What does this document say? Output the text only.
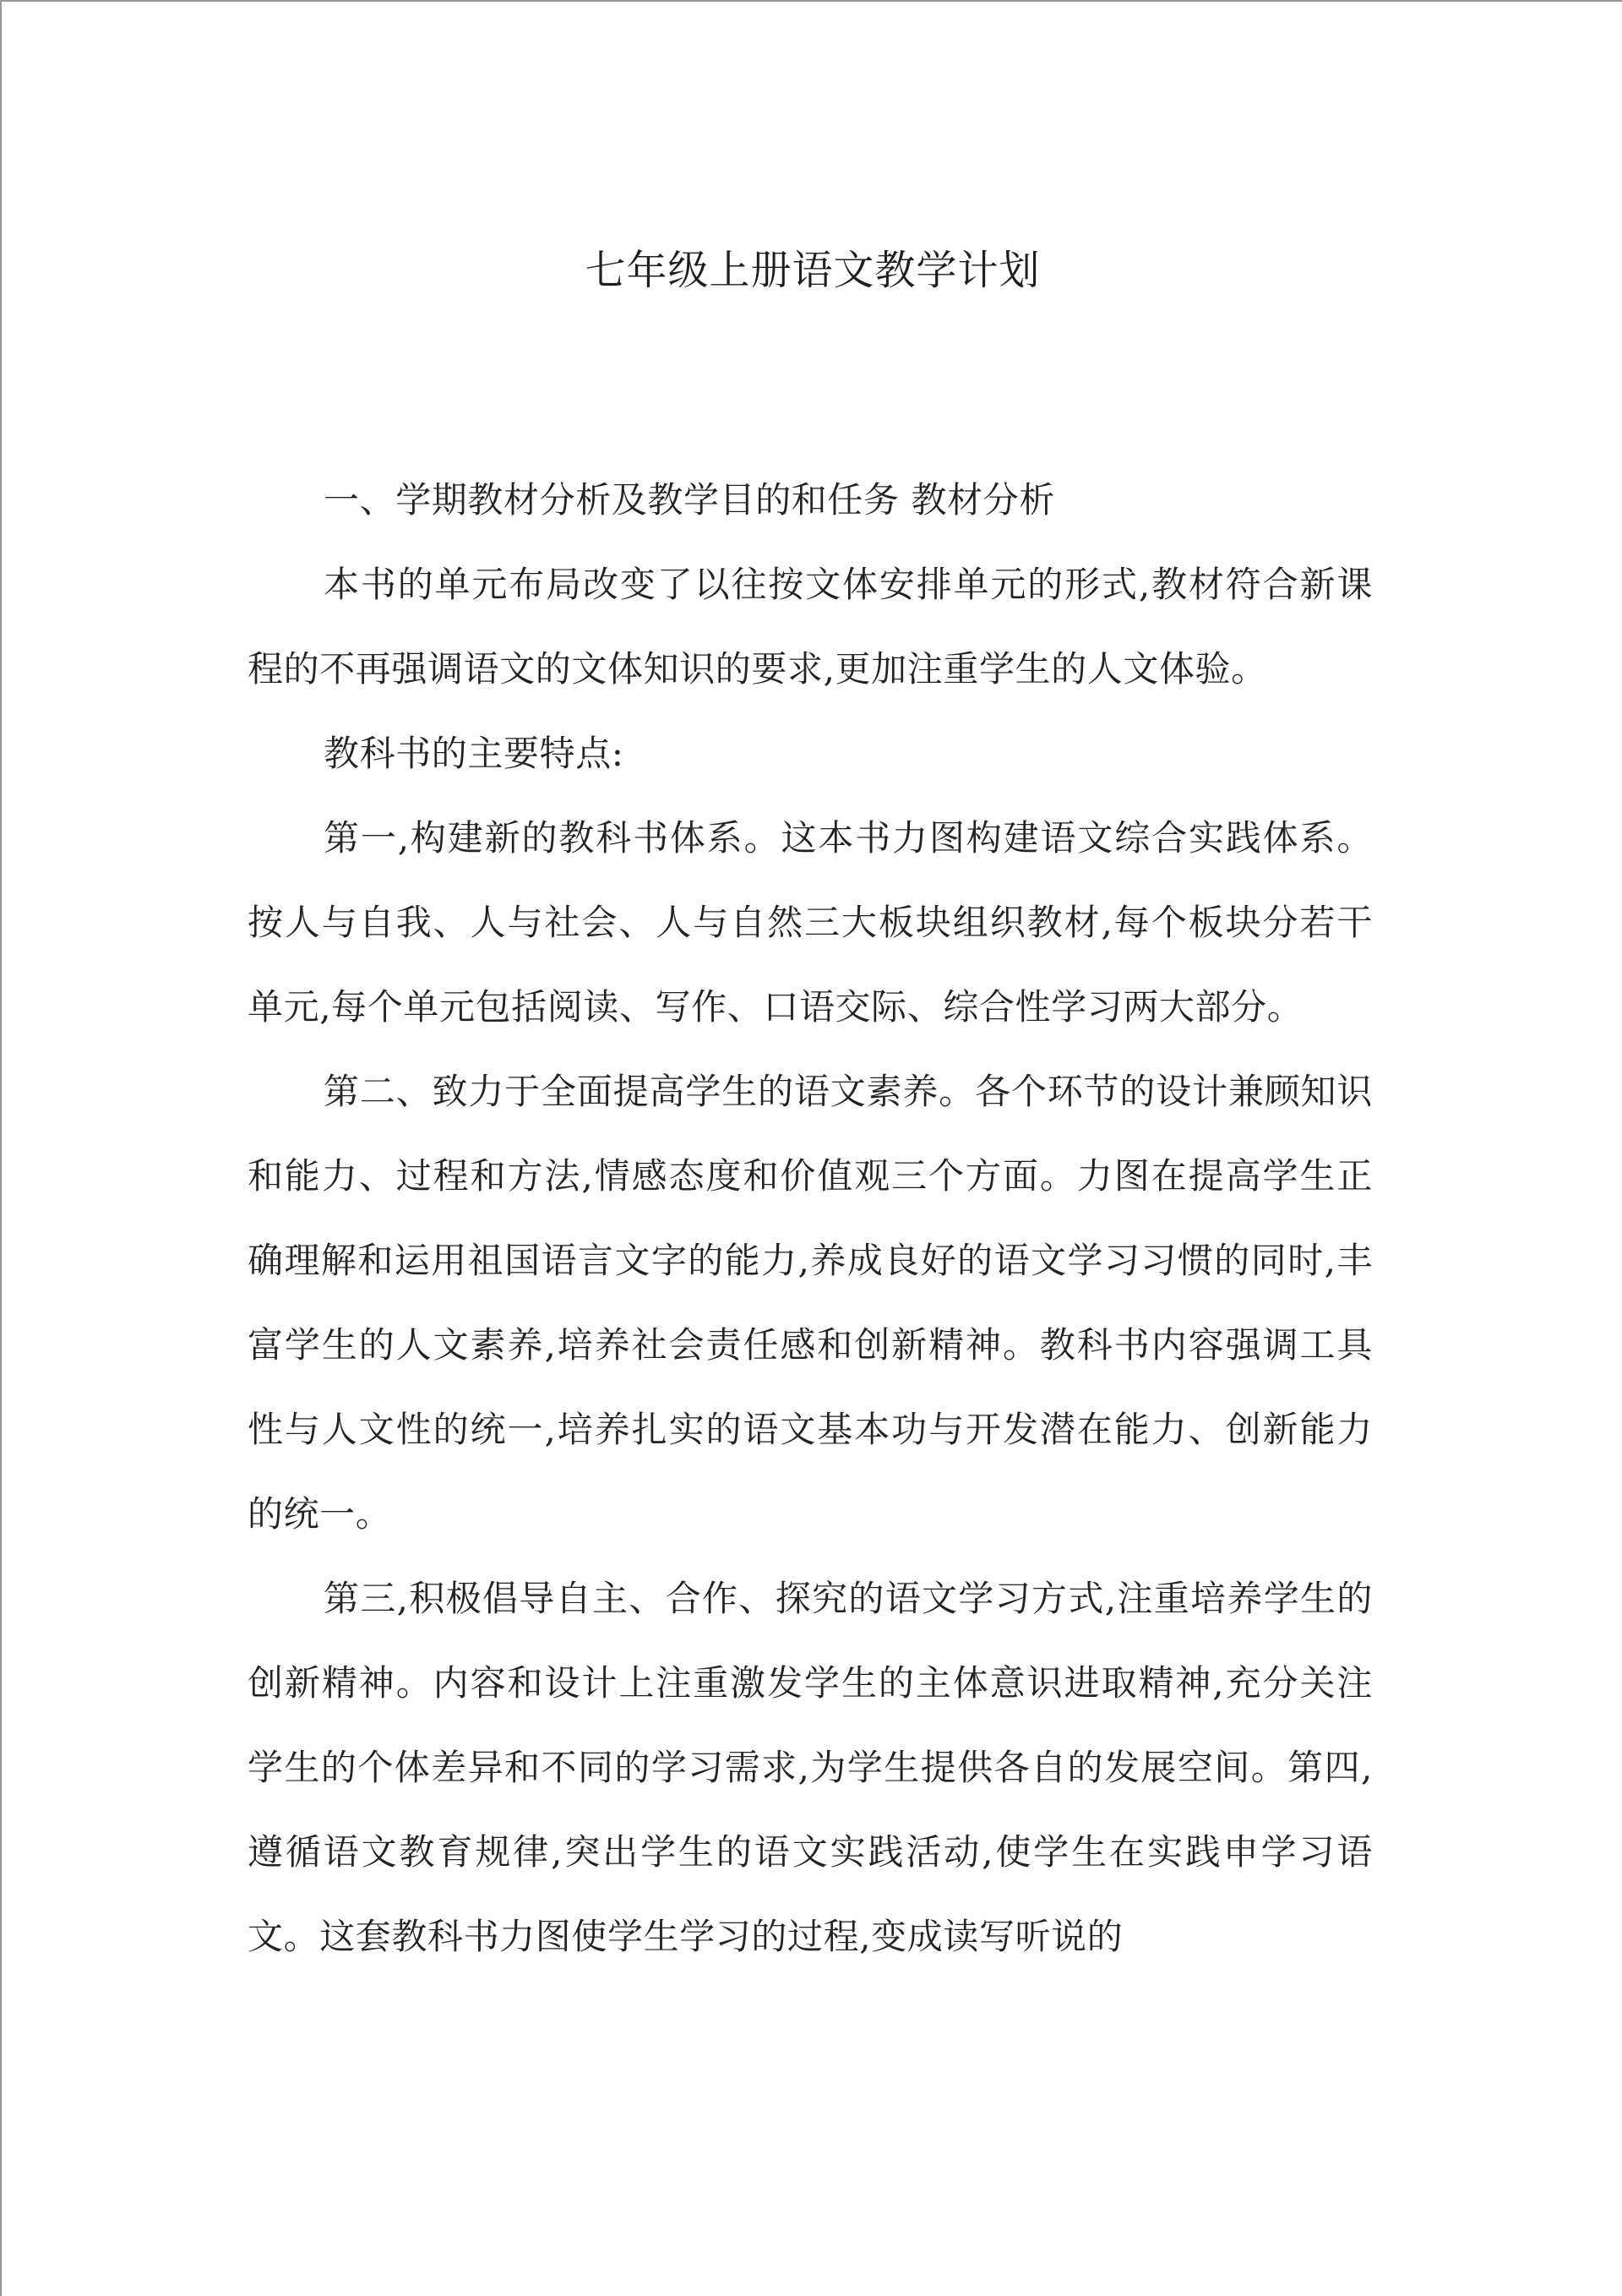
七年级上册语文教学计划

一、学期教材分析及教学目的和任务 教材分析

本书的单元布局改变了以往按文体安排单元的形式,教材符合新课程的不再强调语文的文体知识的要求,更加注重学生的人文体验。

教科书的主要特点:

第一,构建新的教科书体系。这本书力图构建语文综合实践体系。按人与自我、人与社会、人与自然三大板块组织教材,每个板块分若干单元,每个单元包括阅读、写作、口语交际、综合性学习两大部分。

第二、致力于全面提高学生的语文素养。各个环节的设计兼顾知识和能力、过程和方法,情感态度和价值观三个方面。力图在提高学生正确理解和运用祖国语言文字的能力,养成良好的语文学习习惯的同时,丰富学生的人文素养,培养社会责任感和创新精神。教科书内容强调工具性与人文性的统一,培养扎实的语文基本功与开发潜在能力、创新能力的统一。

第三,积极倡导自主、合作、探究的语文学习方式,注重培养学生的创新精神。内容和设计上注重激发学生的主体意识进取精神,充分关注学生的个体差异和不同的学习需求,为学生提供各自的发展空间。第四,遵循语文教育规律,突出学生的语文实践活动,使学生在实践申学习语文。这套教科书力图使学生学习的过程,变成读写听说的
